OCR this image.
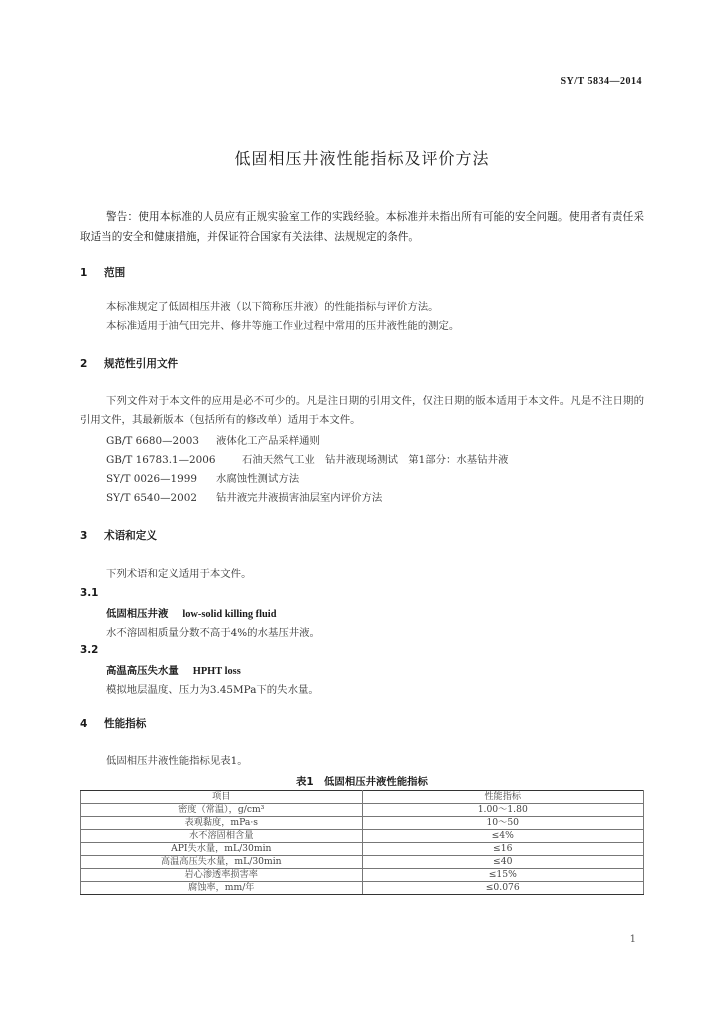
SY/T 5834—2014
低固相压井液性能指标及评价方法
警告：使用本标准的人员应有正规实验室工作的实践经验。本标准并未指出所有可能的安全问题。使用者有责任采取适当的安全和健康措施，并保证符合国家有关法律、法规规定的条件。
1 范围
本标准规定了低固相压井液（以下简称压井液）的性能指标与评价方法。
本标准适用于油气田完井、修井等施工作业过程中常用的压井液性能的测定。
2 规范性引用文件
下列文件对于本文件的应用是必不可少的。凡是注日期的引用文件，仅注日期的版本适用于本文件。凡是不注日期的引用文件，其最新版本（包括所有的修改单）适用于本文件。
GB/T 6680—2003 液体化工产品采样通则
GB/T 16783.1—2006	石油天然气工业　钻井液现场测试　第1部分：水基钻井液
SY/T 0026—1999 水腐蚀性测试方法
SY/T 6540—2002 钻井液完井液损害油层室内评价方法
3 术语和定义
下列术语和定义适用于本文件。
3.1
低固相压井液 low-solid killing fluid
水不溶固相质量分数不高于4%的水基压井液。
3.2
高温高压失水量 HPHT loss
模拟地层温度、压力为3.45MPa下的失水量。
4 性能指标
低固相压井液性能指标见表1。
表1　低固相压井液性能指标
项目	性能指标
密度（常温），g/cm³	1.00～1.80
表观黏度，mPa·s	10～50
水不溶固相含量	≤4%
API失水量，mL/30min	≤16
高温高压失水量，mL/30min	≤40
岩心渗透率损害率	≤15%
腐蚀率，mm/年	≤0.076
1
